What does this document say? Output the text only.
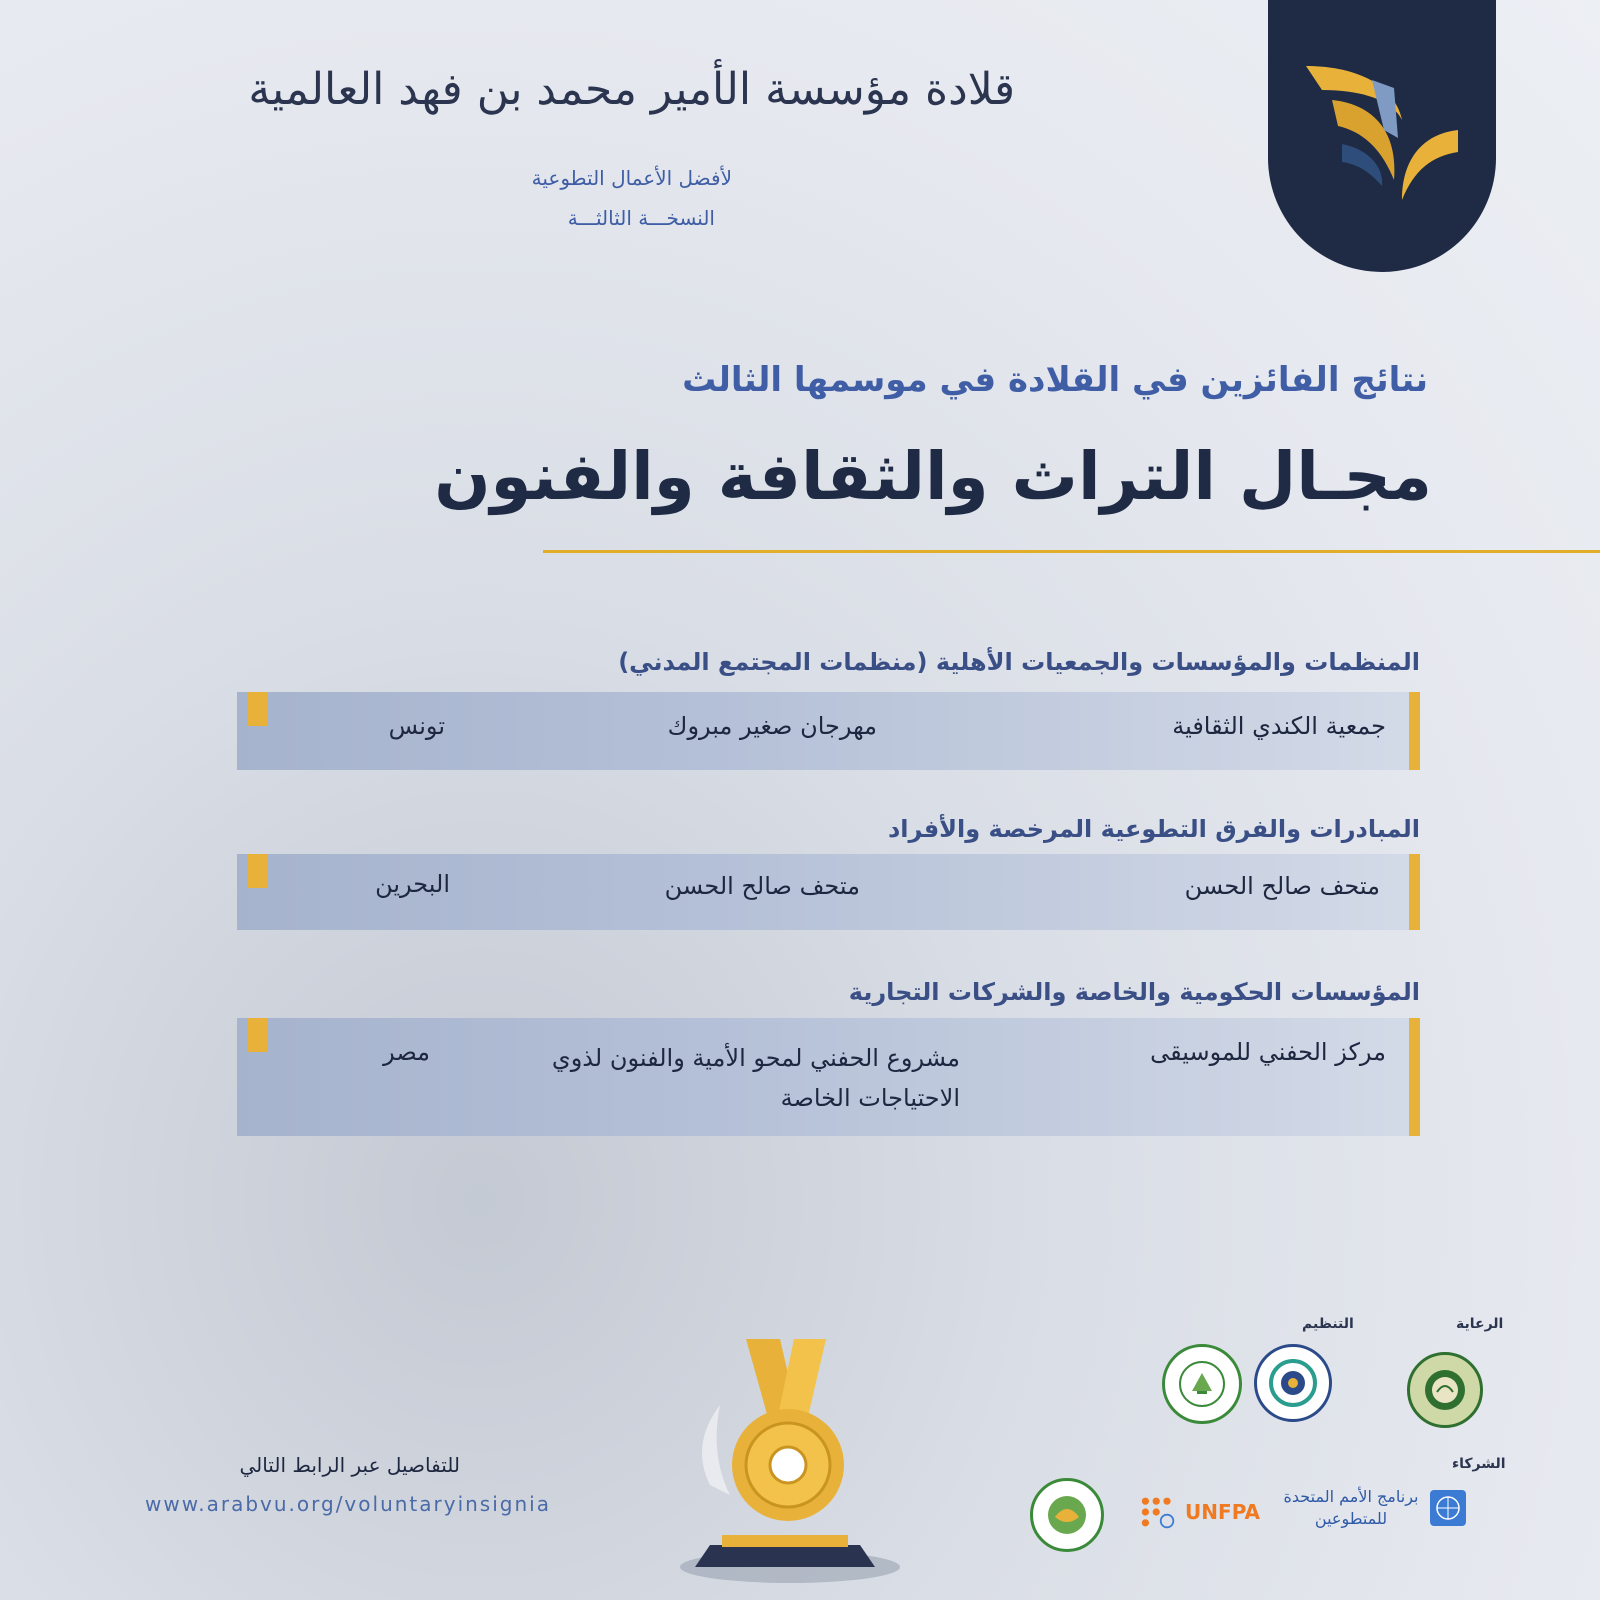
قلادة مؤسسة الأمير محمد بن فهد العالمية
لأفضل الأعمال التطوعية
النسخـــة الثالثـــة
نتائج الفائزين في القلادة في موسمها الثالث
مجـال التراث والثقافة والفنون
المنظمات والمؤسسات والجمعيات الأهلية (منظمات المجتمع المدني)
جمعية الكندي الثقافية
مهرجان صغير مبروك
تونس
المبادرات والفرق التطوعية المرخصة والأفراد
متحف صالح الحسن
متحف صالح الحسن
البحرين
المؤسسات الحكومية والخاصة والشركات التجارية
مركز الحفني للموسيقى
مشروع الحفني لمحو الأمية والفنون لذوي الاحتياجات الخاصة
مصر
الرعاية
التنظيم
الشركاء
برنامج الأمم المتحدة للمتطوعين
UNFPA
للتفاصيل عبر الرابط التالي
www.arabvu.org/voluntaryinsignia
